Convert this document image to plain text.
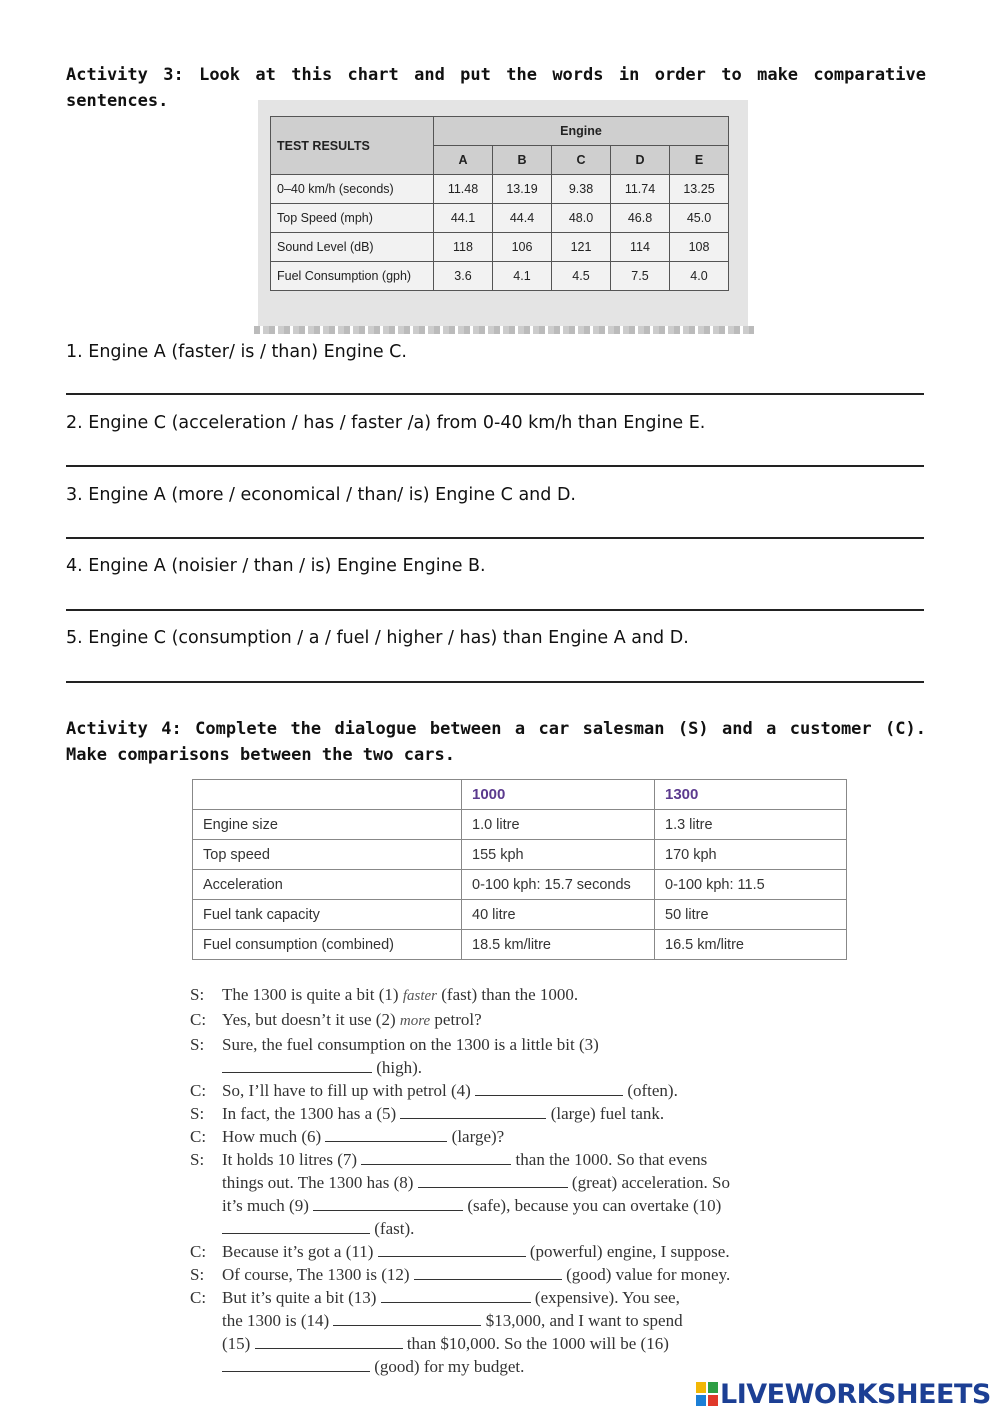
Activity 3: Look at this chart and put the words in order to make comparative sentences.
TEST RESULTS	Engine				
	A	B	C	D	E
0–40 km/h (seconds)	11.48	13.19	9.38	11.74	13.25
Top Speed (mph)	44.1	44.4	48.0	46.8	45.0
Sound Level (dB)	118	106	121	114	108
Fuel Consumption (gph)	3.6	4.1	4.5	7.5	4.0
1. Engine A (faster/ is / than) Engine C.
2. Engine C (acceleration / has / faster /a) from 0-40 km/h than Engine E.
3. Engine A (more / economical / than/ is) Engine C and D.
4. Engine A (noisier / than / is) Engine Engine B.
5. Engine C (consumption / a / fuel / higher / has) than Engine A and D.
Activity 4: Complete the dialogue between a car salesman (S) and a customer (C). Make comparisons between the two cars.
	1000	1300
Engine size	1.0 litre	1.3 litre
Top speed	155 kph	170 kph
Acceleration	0-100 kph: 15.7 seconds	0-100 kph: 11.5
Fuel tank capacity	40 litre	50 litre
Fuel consumption (combined)	18.5 km/litre	16.5 km/litre
S:	The 1300 is quite a bit (1) faster (fast) than the 1000.
C: Yes, but doesn’t it use (2) more petrol?
S:	Sure, the fuel consumption on the 1300 is a little bit (3)
(high).
C: So, I’ll have to fill up with petrol (4)	(often).
S:	In fact, the 1300 has a (5)	(large) fuel tank.
C: How much (6)	(large)?
S:	It holds 10 litres (7)	than the 1000. So that evens
things out. The 1300 has (8)	(great) acceleration. So
it’s much (9)	(safe), because you can overtake (10)
(fast).
C: Because it’s got a (11)	(powerful) engine, I suppose.
S:	Of course, The 1300 is (12)	(good) value for money.
C: But it’s quite a bit (13)	(expensive). You see,
the 1300 is (14)	$13,000, and I want to spend
(15)	than $10,000. So the 1000 will be (16)
(good) for my budget.
LIVEWORKSHEETS
